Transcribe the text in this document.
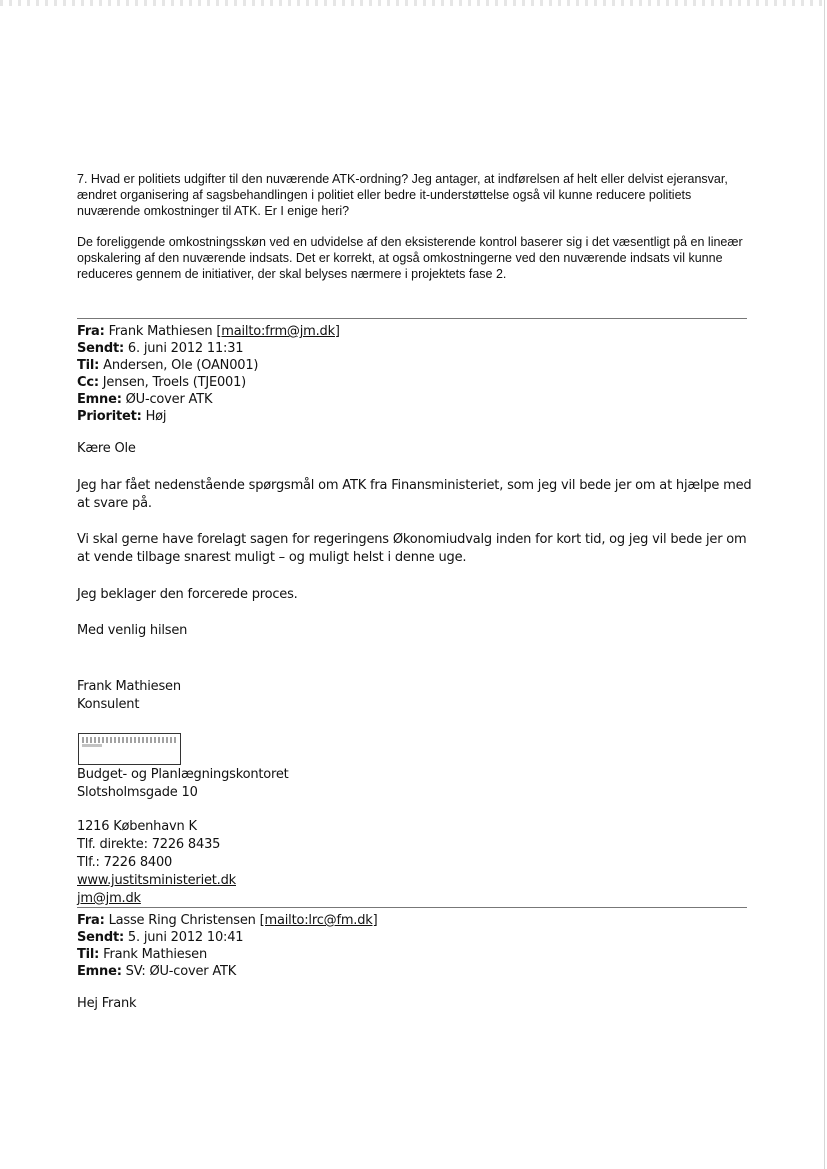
7. Hvad er politiets udgifter til den nuværende ATK-ordning? Jeg antager, at indførelsen af helt eller delvist ejeransvar, ændret organisering af sagsbehandlingen i politiet eller bedre it-understøttelse også vil kunne reducere politiets nuværende omkostninger til ATK. Er I enige heri?
De foreliggende omkostningsskøn ved en udvidelse af den eksisterende kontrol baserer sig i det væsentligt på en lineær opskalering af den nuværende indsats. Det er korrekt, at også omkostningerne ved den nuværende indsats vil kunne reduceres gennem de initiativer, der skal belyses nærmere i projektets fase 2.
Fra: Frank Mathiesen [mailto:frm@jm.dk]
Sendt: 6. juni 2012 11:31
Til: Andersen, Ole (OAN001)
Cc: Jensen, Troels (TJE001)
Emne: ØU-cover ATK
Prioritet: Høj
Kære Ole
Jeg har fået nedenstående spørgsmål om ATK fra Finansministeriet, som jeg vil bede jer om at hjælpe med at svare på.
Vi skal gerne have forelagt sagen for regeringens Økonomiudvalg inden for kort tid, og jeg vil bede jer om at vende tilbage snarest muligt – og muligt helst i denne uge.
Jeg beklager den forcerede proces.
Med venlig hilsen
Frank Mathiesen
Konsulent
Budget- og Planlægningskontoret
Slotsholmsgade 10
1216 København K
Tlf. direkte: 7226 8435
Tlf.: 7226 8400
www.justitsministeriet.dk
jm@jm.dk
Fra: Lasse Ring Christensen [mailto:lrc@fm.dk]
Sendt: 5. juni 2012 10:41
Til: Frank Mathiesen
Emne: SV: ØU-cover ATK
Hej Frank
